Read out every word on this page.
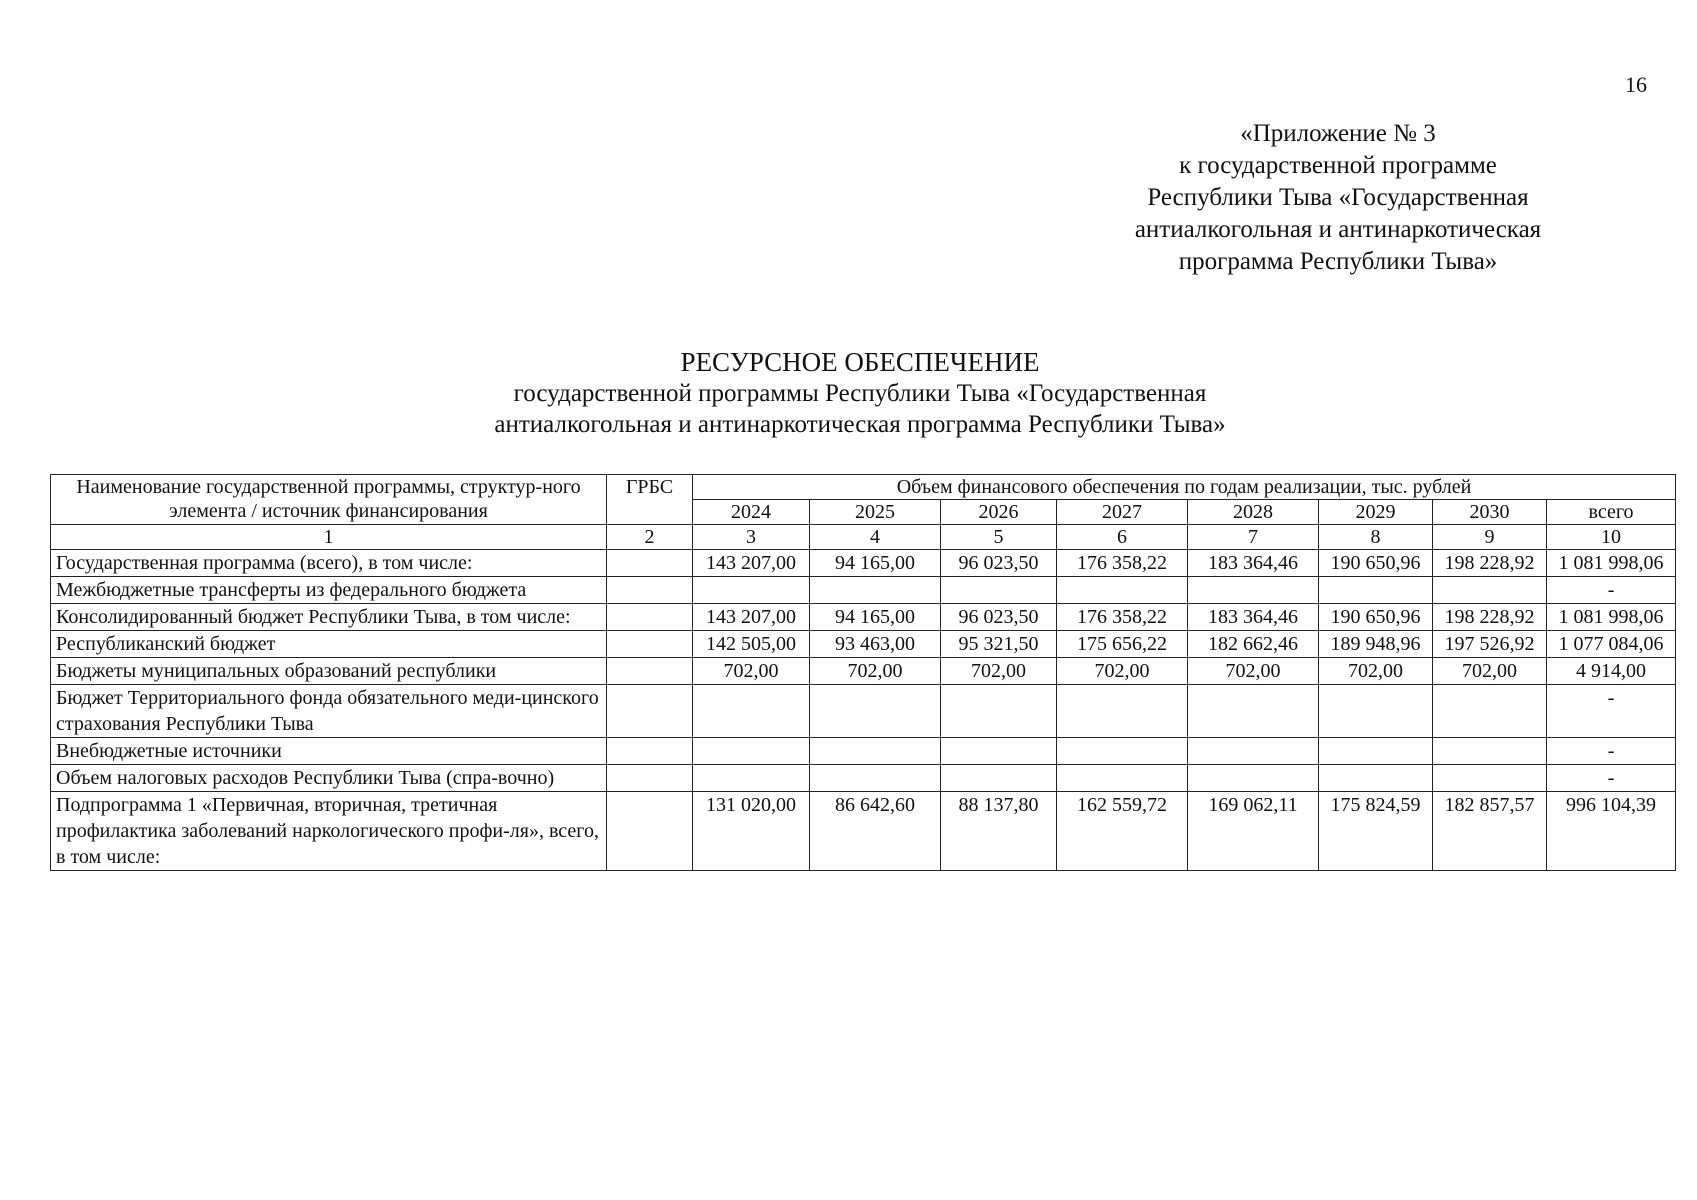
16
«Приложение № 3
к государственной программе
Республики Тыва «Государственная
антиалкогольная и антинаркотическая
программа Республики Тыва»
РЕСУРСНОЕ ОБЕСПЕЧЕНИЕ
государственной программы Республики Тыва «Государственная
антиалкогольная и антинаркотическая программа Республики Тыва»
Наименование государственной программы, структур-ного элемента / источник финансирования	ГРБС	Объем финансового обеспечения по годам реализации, тыс. рублей							
		2024	2025	2026	2027	2028	2029	2030	всего
1	2	3	4	5	6	7	8	9	10
Государственная программа (всего), в том числе:		143 207,00	94 165,00	96 023,50	176 358,22	183 364,46	190 650,96	198 228,92	1 081 998,06
Межбюджетные трансферты из федерального бюджета									-
Консолидированный бюджет Республики Тыва, в том числе:		143 207,00	94 165,00	96 023,50	176 358,22	183 364,46	190 650,96	198 228,92	1 081 998,06
Республиканский бюджет		142 505,00	93 463,00	95 321,50	175 656,22	182 662,46	189 948,96	197 526,92	1 077 084,06
Бюджеты муниципальных образований республики		702,00	702,00	702,00	702,00	702,00	702,00	702,00	4 914,00
Бюджет Территориального фонда обязательного меди-цинского страхования Республики Тыва									-
Внебюджетные источники									-
Объем налоговых расходов Республики Тыва (спра-вочно)									-
Подпрограмма 1 «Первичная, вторичная, третичная профилактика заболеваний наркологического профи-ля», всего, в том числе:		131 020,00	86 642,60	88 137,80	162 559,72	169 062,11	175 824,59	182 857,57	996 104,39
